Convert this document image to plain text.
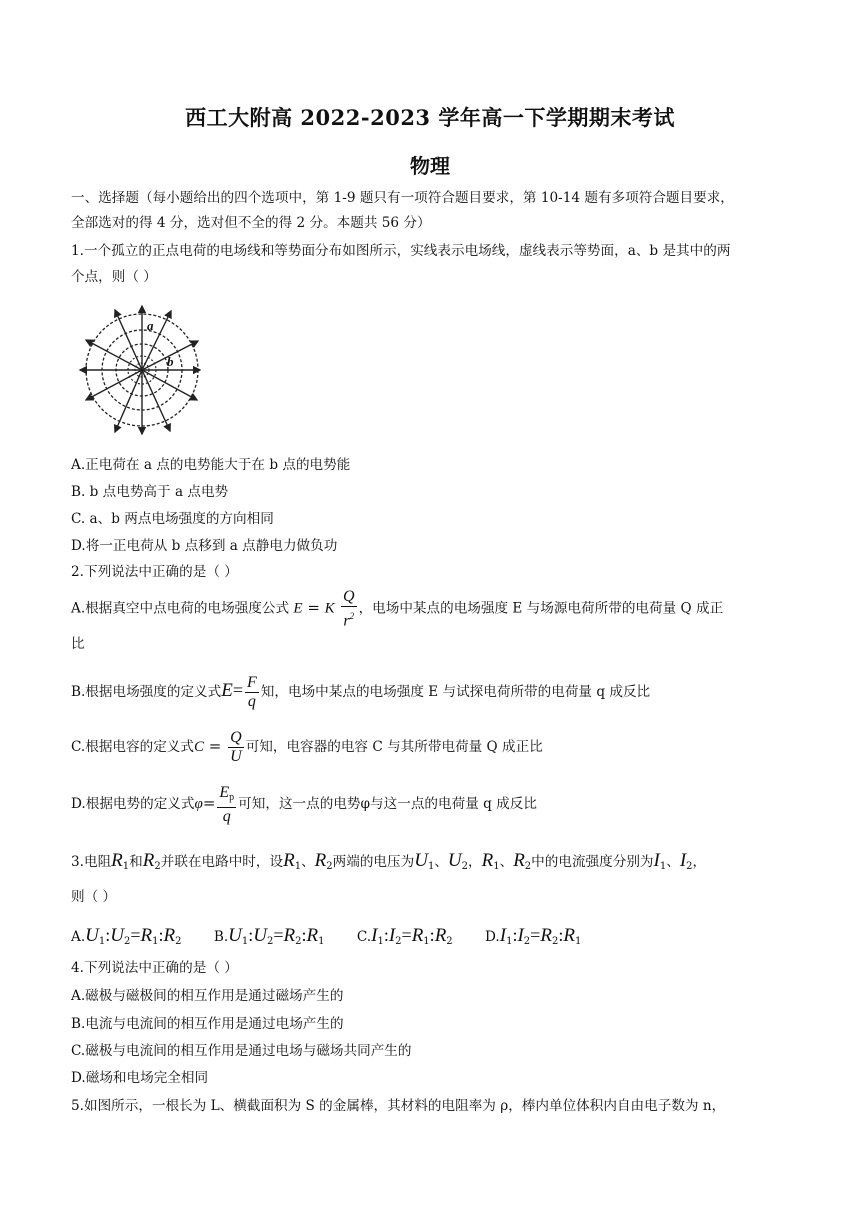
西工大附高 2022-2023 学年高一下学期期末考试
物理
一、选择题（每小题给出的四个选项中，第 1-9 题只有一项符合题目要求，第 10-14 题有多项符合题目要求，
全部选对的得 4 分，选对但不全的得 2 分。本题共 56 分）
1.一个孤立的正点电荷的电场线和等势面分布如图所示，实线表示电场线，虚线表示等势面，a、b 是其中的两
个点，则（ ）
a
b
A.正电荷在 a 点的电势能大于在 b 点的电势能
B. b 点电势高于 a 点电势
C. a、b 两点电场强度的方向相同
D.将一正电荷从 b 点移到 a 点静电力做负功
2.下列说法中正确的是（ ）
A.根据真空中点电荷的电场强度公式 E = K $\frac{Q}{r^2}$ ，电场中某点的电场强度 E 与场源电荷所带的电荷量 Q 成正
比
B.根据电场强度的定义式$E= \frac{F}{q}$ 知，电场中某点的电场强度 E 与试探电荷所带的电荷量 q 成反比
C.根据电容的定义式$C = \frac{Q}{U}$ 可知，电容器的电容 C 与其所带电荷量 Q 成正比
D.根据电势的定义式$\varphi= \frac{E_p}{q}$ 可知，这一点的电势φ与这一点的电荷量 q 成反比
3.电阻$R_1$和$R_2$并联在电路中时，设$R_1$、$R_2$两端的电压为$U_1$、$U_2$，$R_1$、$R_2$中的电流强度分别为$I_1$、$I_2$，
则（ ）
$A.U_1:U_2=R_1:R_2$ $B.U_1:U_2=R_2:R_1$ $C.I_1:I_2=R_1:R_2$ $D.I_1:I_2=R_2:R_1$
4.下列说法中正确的是（ ）
A.磁极与磁极间的相互作用是通过磁场产生的
B.电流与电流间的相互作用是通过电场产生的
C.磁极与电流间的相互作用是通过电场与磁场共同产生的
D.磁场和电场完全相同
5.如图所示，一根长为 L、横截面积为 S 的金属棒，其材料的电阻率为 ρ，棒内单位体积内自由电子数为 n，
